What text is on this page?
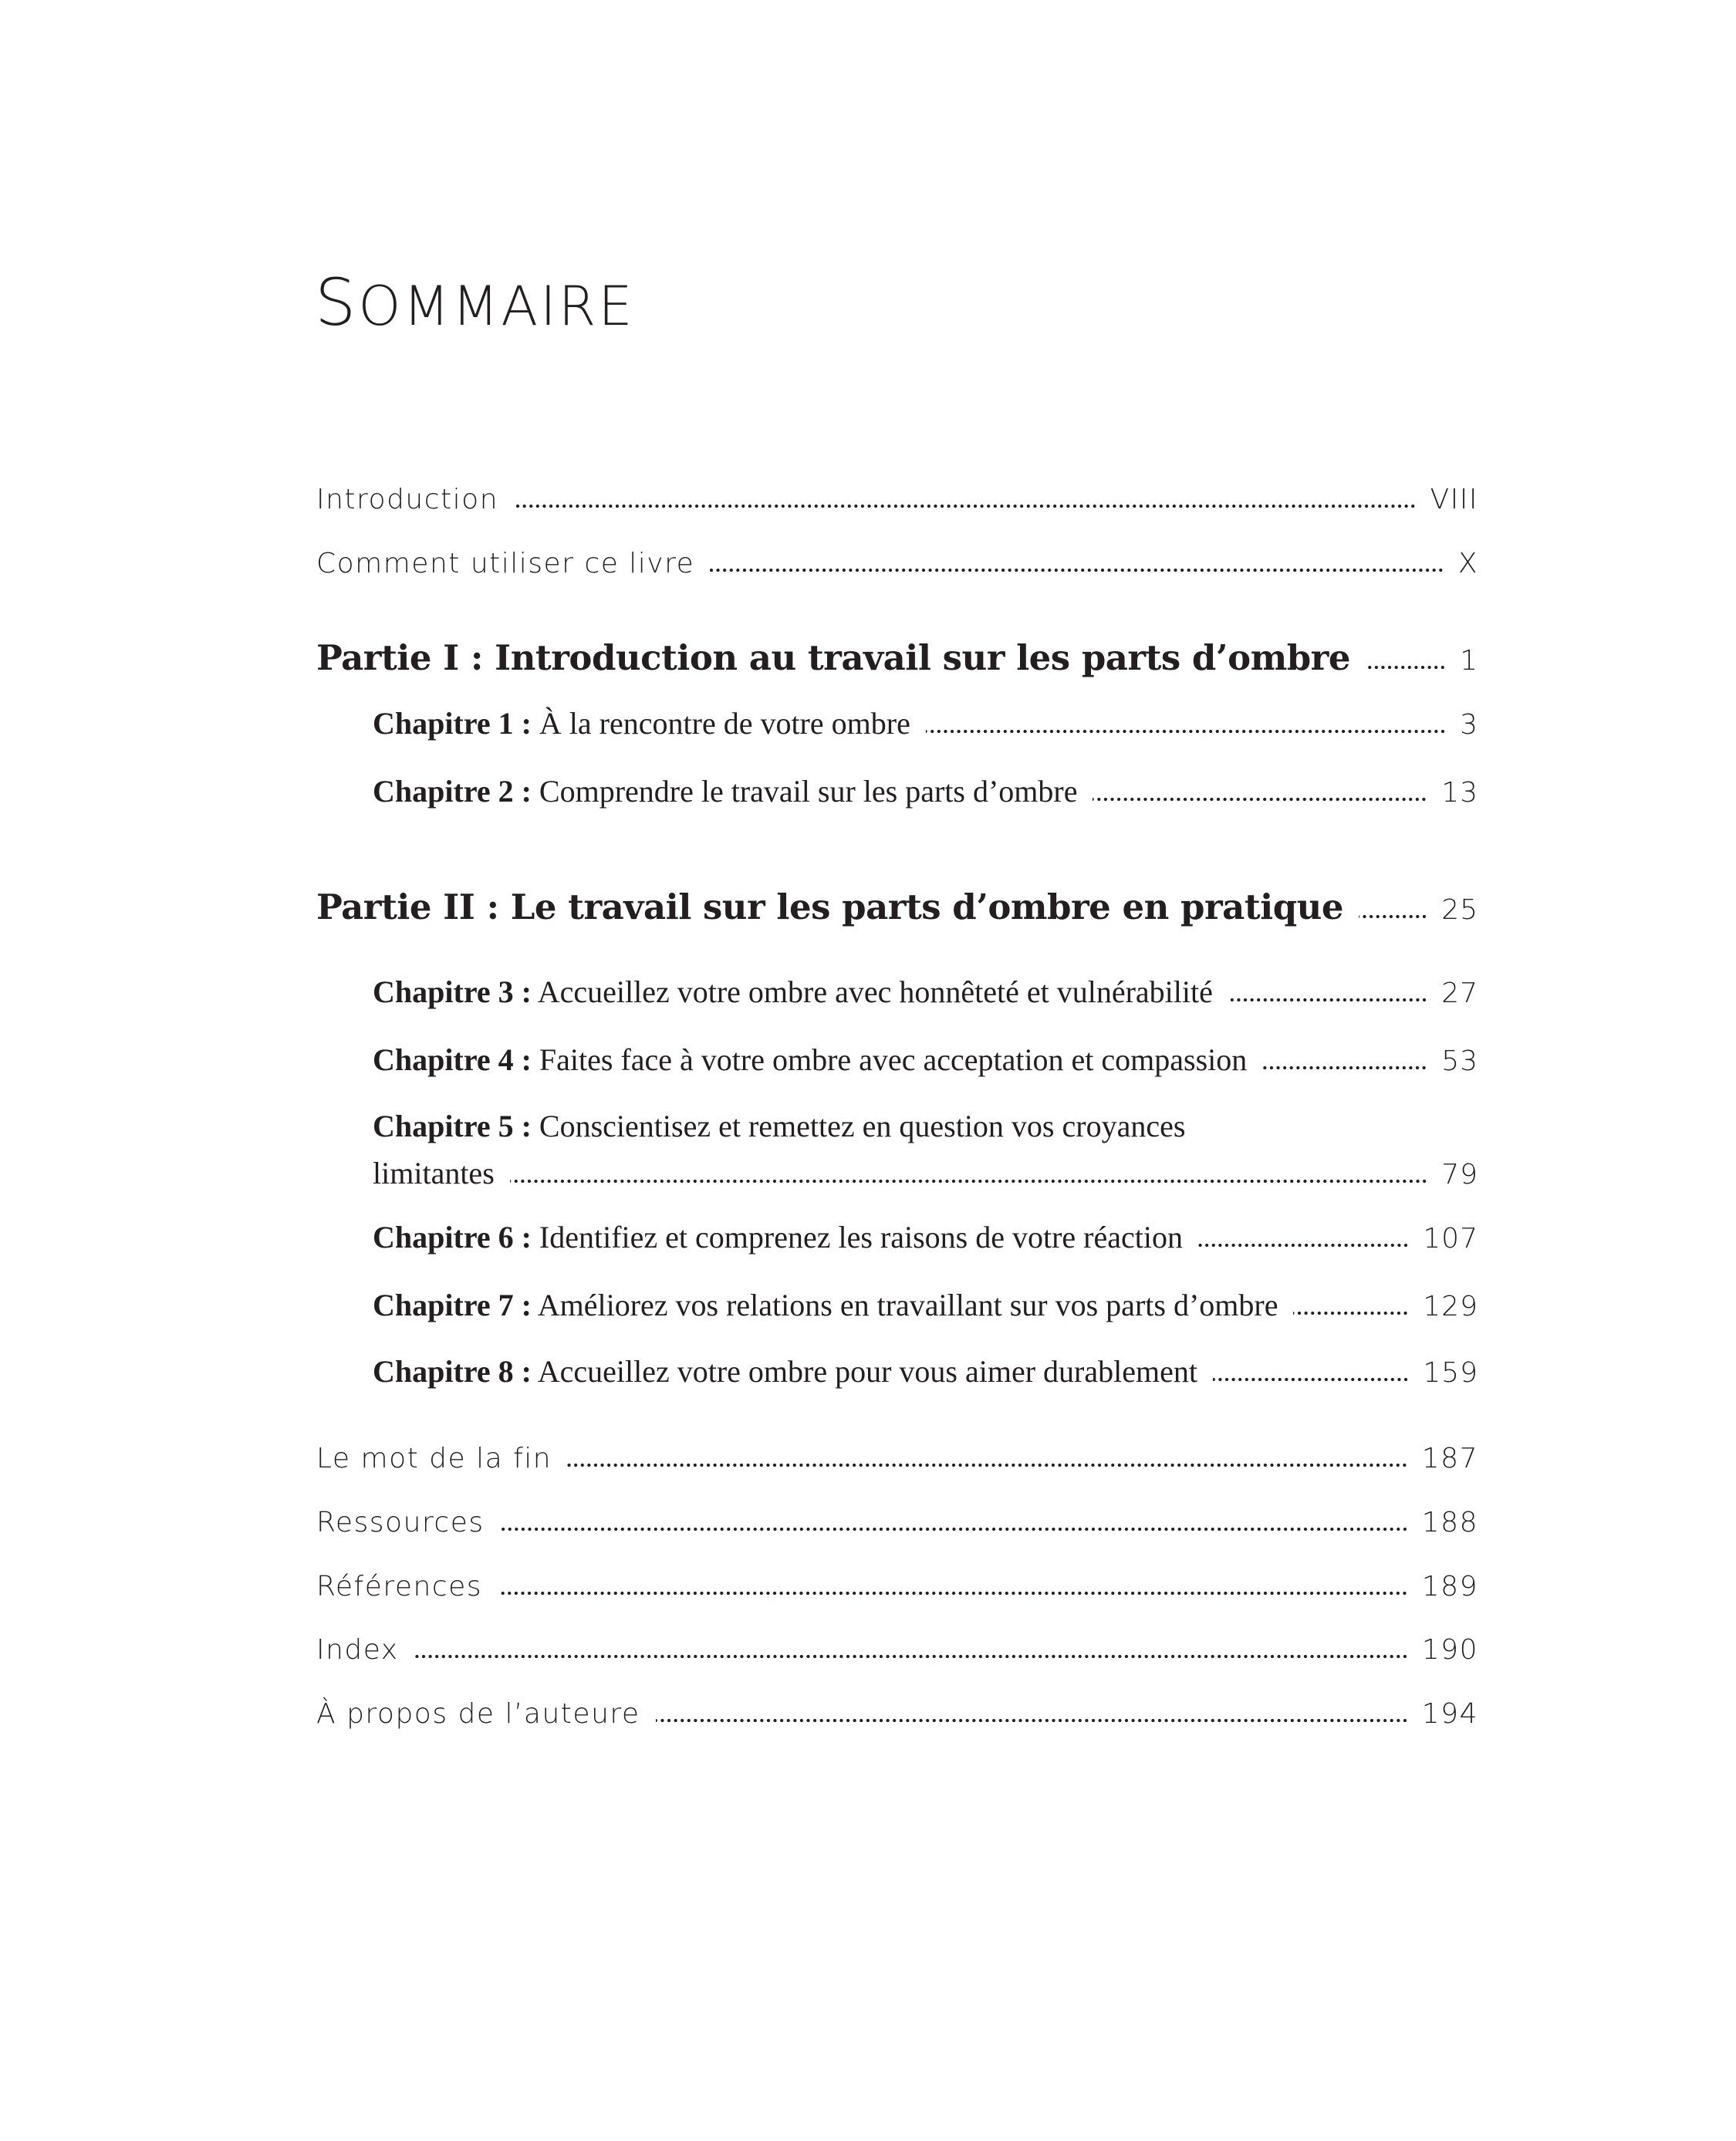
SOMMAIRE
Introduction	VIII
Comment utiliser ce livre	X
Partie I : Introduction au travail sur les parts d’ombre	1
Chapitre 1 : À la rencontre de votre ombre	3
Chapitre 2 : Comprendre le travail sur les parts d’ombre	13
Partie II : Le travail sur les parts d’ombre en pratique	25
Chapitre 3 : Accueillez votre ombre avec honnêteté et vulnérabilité	27
Chapitre 4 : Faites face à votre ombre avec acceptation et compassion	53
Chapitre 5 : Conscientisez et remettez en question vos croyances
limitantes	79
Chapitre 6 : Identifiez et comprenez les raisons de votre réaction	107
Chapitre 7 : Améliorez vos relations en travaillant sur vos parts d’ombre	129
Chapitre 8 : Accueillez votre ombre pour vous aimer durablement	159
Le mot de la fin	187
Ressources	188
Références	189
Index	190
À propos de l’auteure	194
